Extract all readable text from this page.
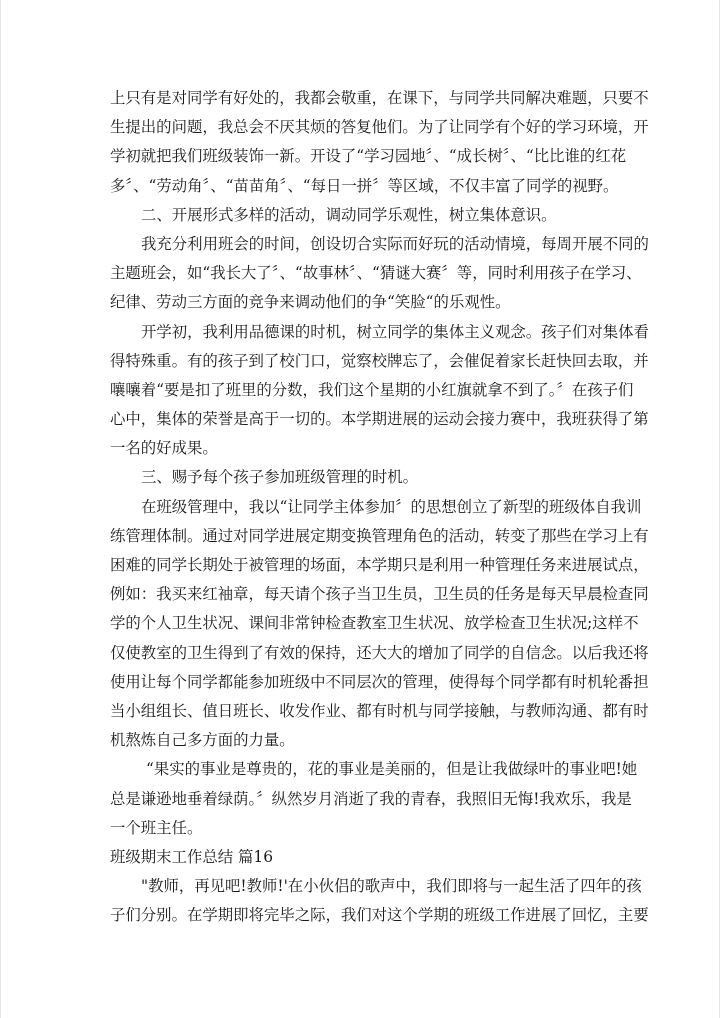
上只有是对同学有好处的，我都会敬重，在课下，与同学共同解决难题，只要不
生提出的问题，我总会不厌其烦的答复他们。为了让同学有个好的学习环境，开
学初就把我们班级装饰一新。开设了“学习园地〞、“成长树〞、“比比谁的红花
多〞、“劳动角〞、“苗苗角〞、“每日一拼〞等区域，不仅丰富了同学的视野。
二、开展形式多样的活动，调动同学乐观性，树立集体意识。
我充分利用班会的时间，创设切合实际而好玩的活动情境，每周开展不同的
主题班会，如“我长大了〞、“故事林〞、“猜谜大赛〞等，同时利用孩子在学习、
纪律、劳动三方面的竞争来调动他们的争“笑脸“的乐观性。
开学初，我利用品德课的时机，树立同学的集体主义观念。孩子们对集体看
得特殊重。有的孩子到了校门口，觉察校牌忘了，会催促着家长赶快回去取，并
嚷嚷着“要是扣了班里的分数，我们这个星期的小红旗就拿不到了。〞在孩子们
心中，集体的荣誉是高于一切的。本学期进展的运动会接力赛中，我班获得了第
一名的好成果。
三、赐予每个孩子参加班级管理的时机。
在班级管理中，我以“让同学主体参加〞的思想创立了新型的班级体自我训
练管理体制。通过对同学进展定期变换管理角色的活动，转变了那些在学习上有
困难的同学长期处于被管理的场面，本学期只是利用一种管理任务来进展试点，
例如：我买来红袖章，每天请个孩子当卫生员，卫生员的任务是每天早晨检查同
学的个人卫生状况、课间非常钟检查教室卫生状况、放学检查卫生状况;这样不
仅使教室的卫生得到了有效的保持，还大大的增加了同学的自信念。以后我还将
使用让每个同学都能参加班级中不同层次的管理，使得每个同学都有时机轮番担
当小组组长、值日班长、收发作业、都有时机与同学接触，与教师沟通、都有时
机熬炼自己多方面的力量。
“果实的事业是尊贵的，花的事业是美丽的，但是让我做绿叶的事业吧!她
总是谦逊地垂着绿荫。〞纵然岁月消逝了我的青春，我照旧无悔!我欢乐，我是
一个班主任。
班级期末工作总结 篇16
"教师，再见吧!教师!'在小伙侣的歌声中，我们即将与一起生活了四年的孩
子们分别。在学期即将完毕之际，我们对这个学期的班级工作进展了回忆，主要
